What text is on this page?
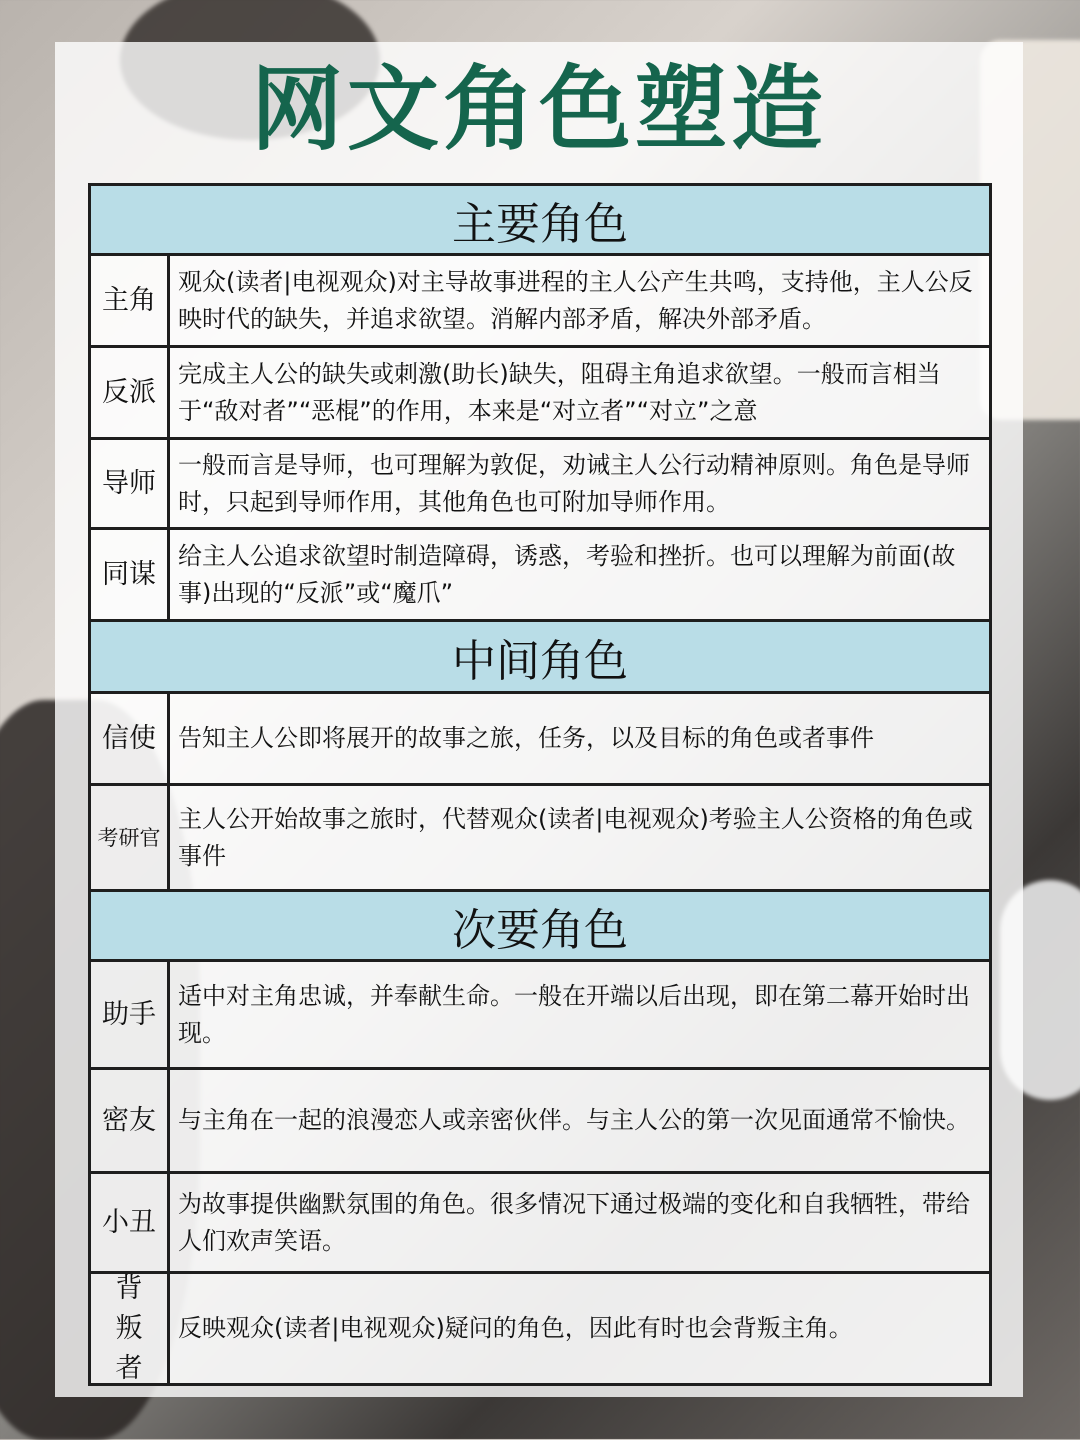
网文角色塑造
主要角色
主角
观众(读者|电视观众)对主导故事进程的主人公产生共鸣，支持他，主人公反映时代的缺失，并追求欲望。消解内部矛盾，解决外部矛盾。
反派
完成主人公的缺失或刺激(助长)缺失，阻碍主角追求欲望。一般而言相当于“敌对者”“恶棍”的作用，本来是“对立者”“对立”之意
导师
一般而言是导师，也可理解为敦促，劝诫主人公行动精神原则。角色是导师时，只起到导师作用，其他角色也可附加导师作用。
同谋
给主人公追求欲望时制造障碍，诱惑，考验和挫折。也可以理解为前面(故事)出现的“反派”或“魔爪”
中间角色
信使 告知主人公即将展开的故事之旅，任务，以及目标的角色或者事件
考研官
主人公开始故事之旅时，代替观众(读者|电视观众)考验主人公资格的角色或事件
次要角色
助手
适中对主角忠诚，并奉献生命。一般在开端以后出现，即在第二幕开始时出现。
密友 与主角在一起的浪漫恋人或亲密伙伴。与主人公的第一次见面通常不愉快。
小丑
为故事提供幽默氛围的角色。很多情况下通过极端的变化和自我牺牲，带给人们欢声笑语。
背叛者
反映观众(读者|电视观众)疑问的角色，因此有时也会背叛主角。
